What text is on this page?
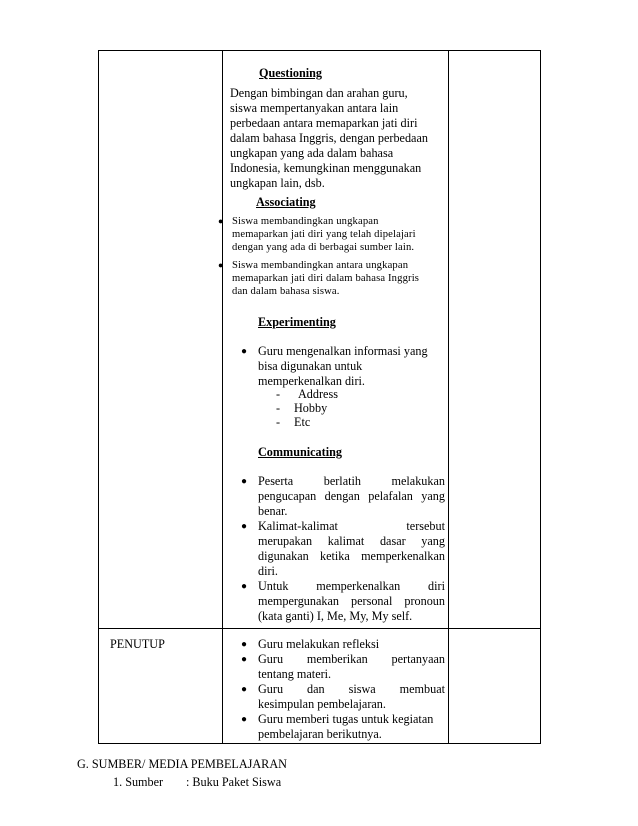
Questioning
Dengan bimbingan dan arahan guru,
siswa mempertanyakan antara lain
perbedaan antara memaparkan jati diri
dalam bahasa Inggris, dengan perbedaan
ungkapan yang ada dalam bahasa
Indonesia, kemungkinan menggunakan
ungkapan lain, dsb.
Associating
● Siswa membandingkan ungkapan
memaparkan jati diri yang telah dipelajari
dengan yang ada di berbagai sumber lain.
● Siswa membandingkan antara ungkapan
memaparkan jati diri dalam bahasa Inggris
dan dalam bahasa siswa.
Experimenting
● Guru mengenalkan informasi yang
bisa digunakan untuk
memperkenalkan diri.
- Address
- Hobby
- Etc
Communicating
● Peserta berlatih melakukan
pengucapan dengan pelafalan yang
benar.
● Kalimat-kalimat tersebut
merupakan kalimat dasar yang
digunakan ketika memperkenalkan
diri.
● Untuk memperkenalkan diri
mempergunakan personal pronoun
(kata ganti) I, Me, My, My self.
PENUTUP	● Guru melakukan refleksi
● Guru memberikan pertanyaan
tentang materi.
● Guru dan siswa membuat
kesimpulan pembelajaran.
● Guru memberi tugas untuk kegiatan
pembelajaran berikutnya.
G. SUMBER/ MEDIA PEMBELAJARAN
1. Sumber : Buku Paket Siswa
